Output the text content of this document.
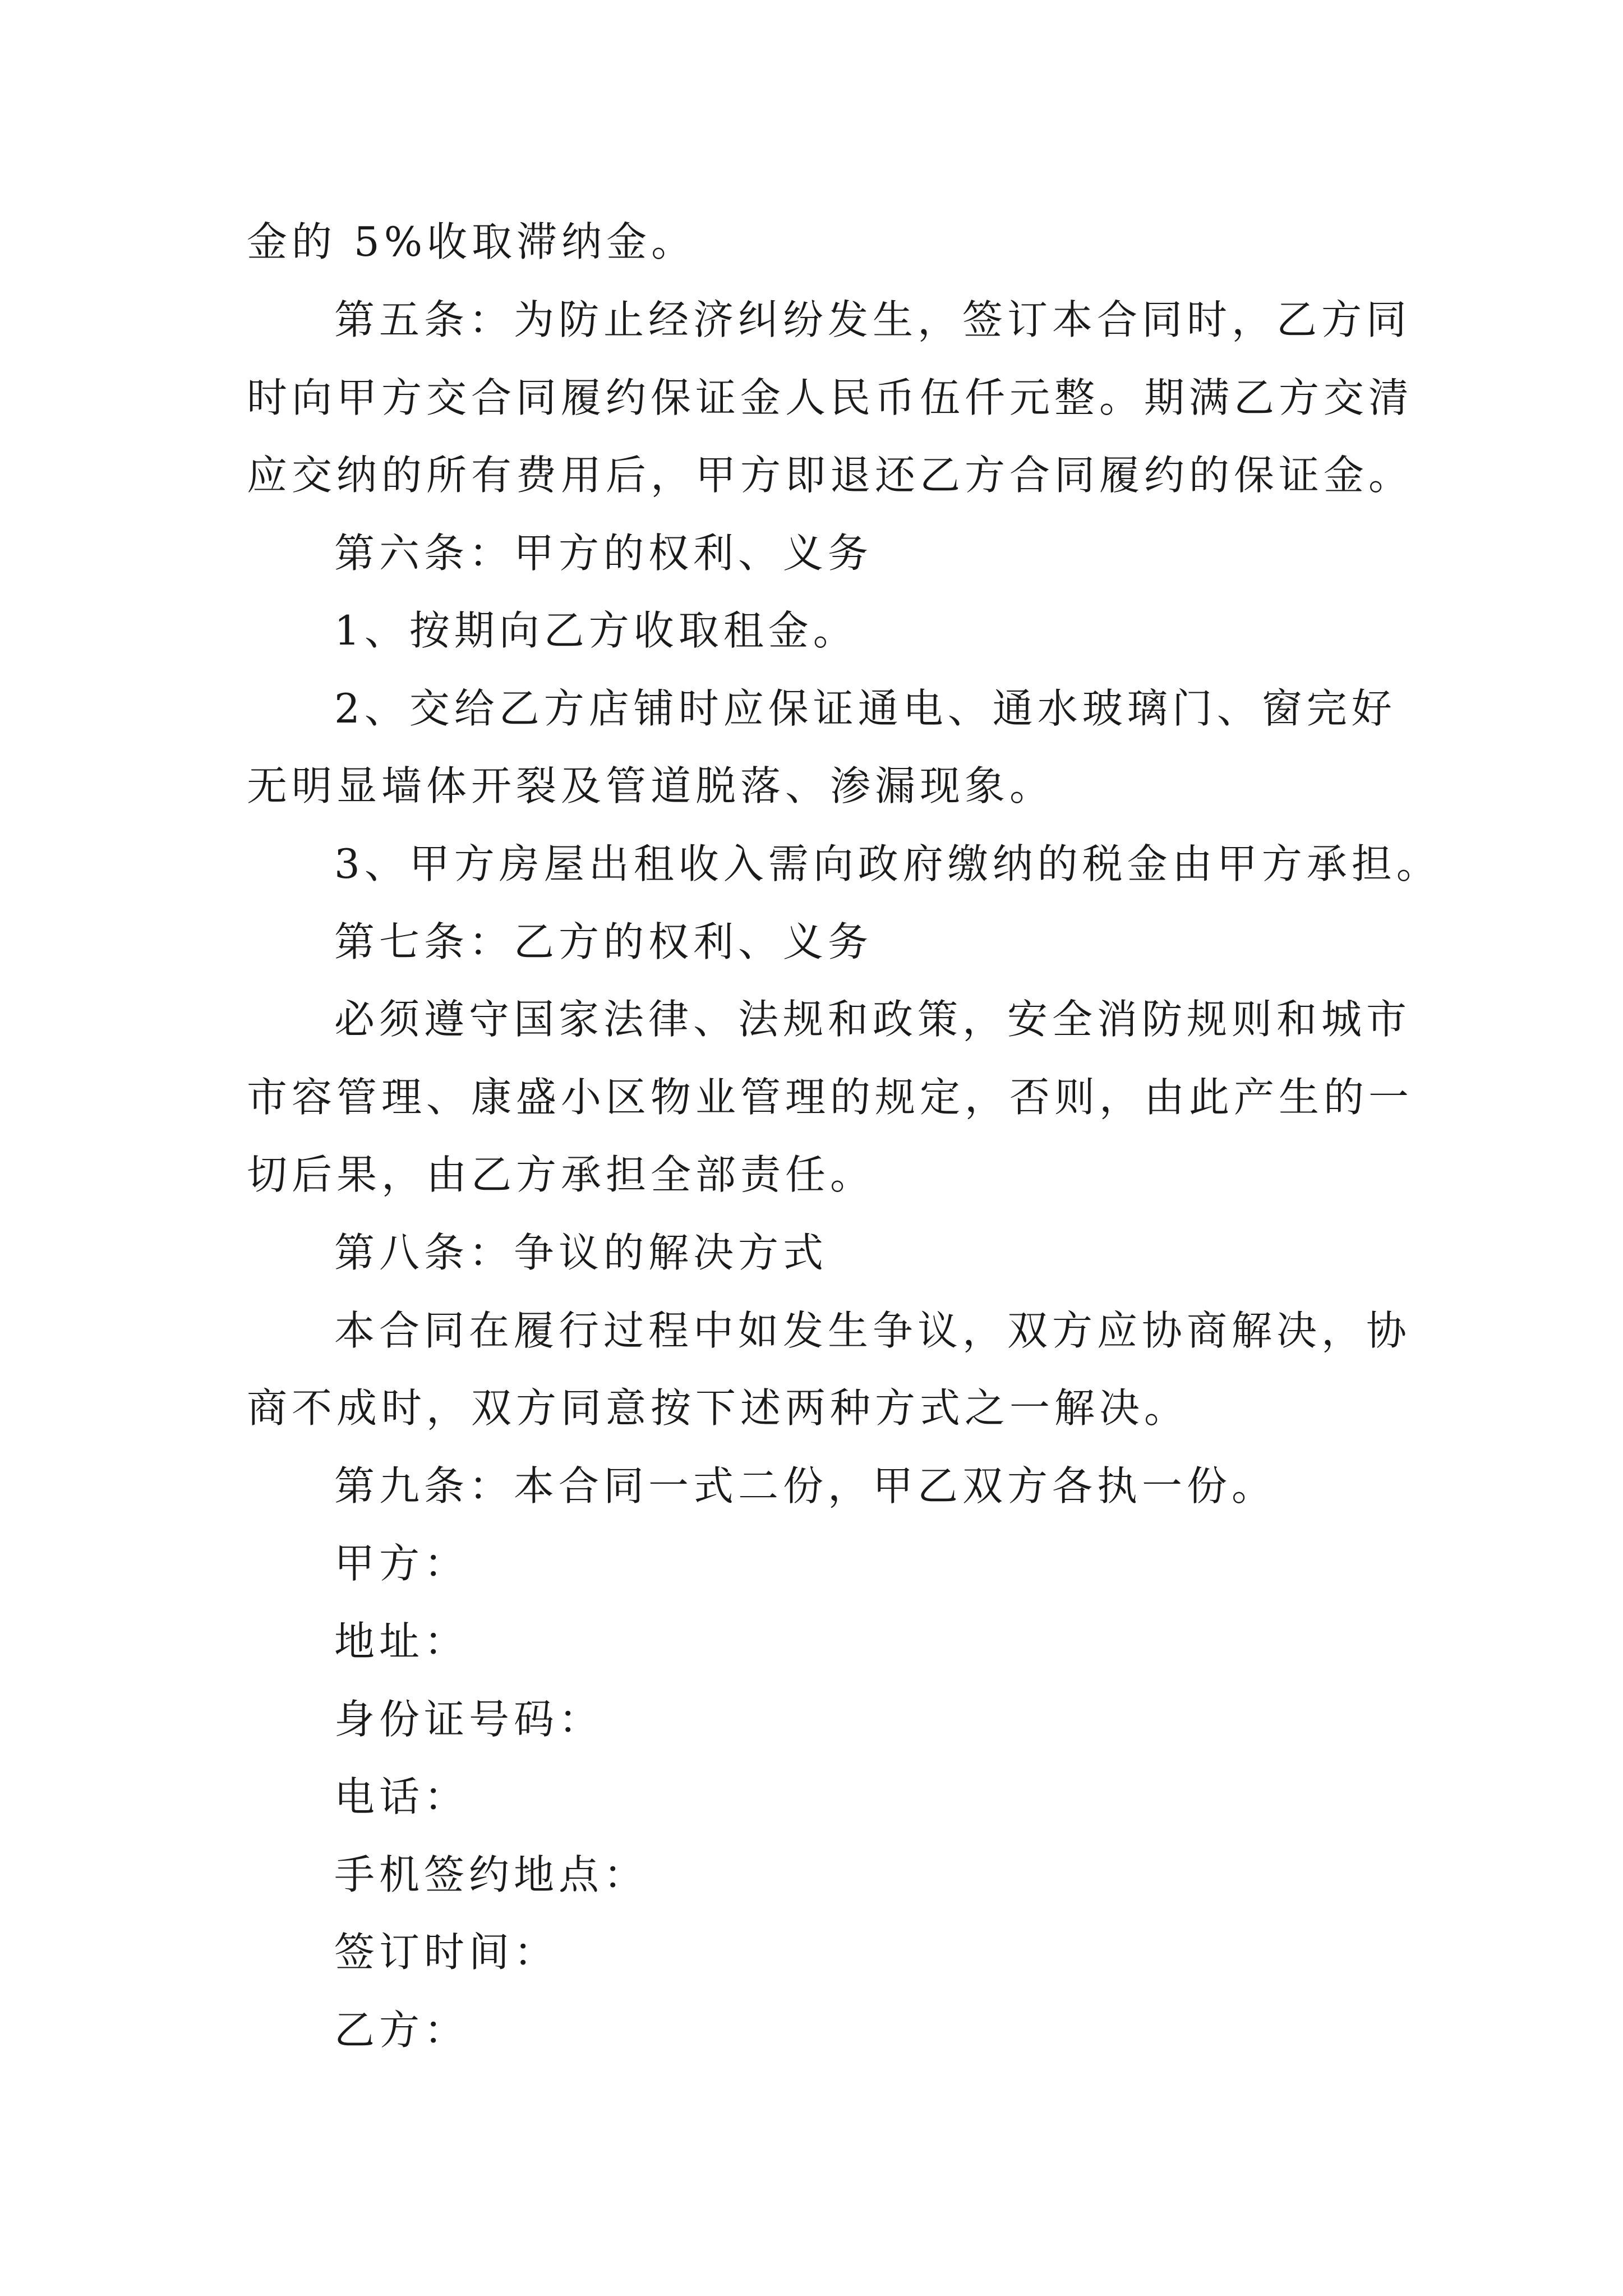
金的 5%收取滞纳金。

第五条：为防止经济纠纷发生，签订本合同时，乙方同

时向甲方交合同履约保证金人民币伍仟元整。期满乙方交清

应交纳的所有费用后，甲方即退还乙方合同履约的保证金。

第六条：甲方的权利、义务

1、按期向乙方收取租金。

2、交给乙方店铺时应保证通电、通水玻璃门、窗完好

无明显墙体开裂及管道脱落、渗漏现象。

3、甲方房屋出租收入需向政府缴纳的税金由甲方承担。

第七条：乙方的权利、义务

必须遵守国家法律、法规和政策，安全消防规则和城市

市容管理、康盛小区物业管理的规定，否则，由此产生的一

切后果，由乙方承担全部责任。

第八条：争议的解决方式

本合同在履行过程中如发生争议，双方应协商解决，协

商不成时，双方同意按下述两种方式之一解决。

第九条：本合同一式二份，甲乙双方各执一份。

甲方：

地址：

身份证号码：

电话：

手机签约地点：

签订时间：

乙方：
